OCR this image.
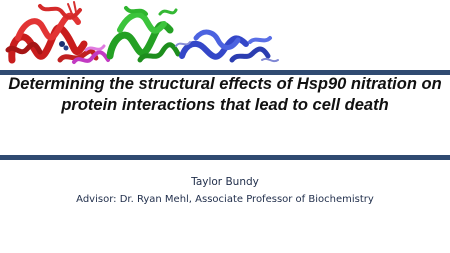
Determining the structural effects of Hsp90 nitration on protein interactions that lead to cell death
Taylor Bundy
Advisor: Dr. Ryan Mehl, Associate Professor of Biochemistry
